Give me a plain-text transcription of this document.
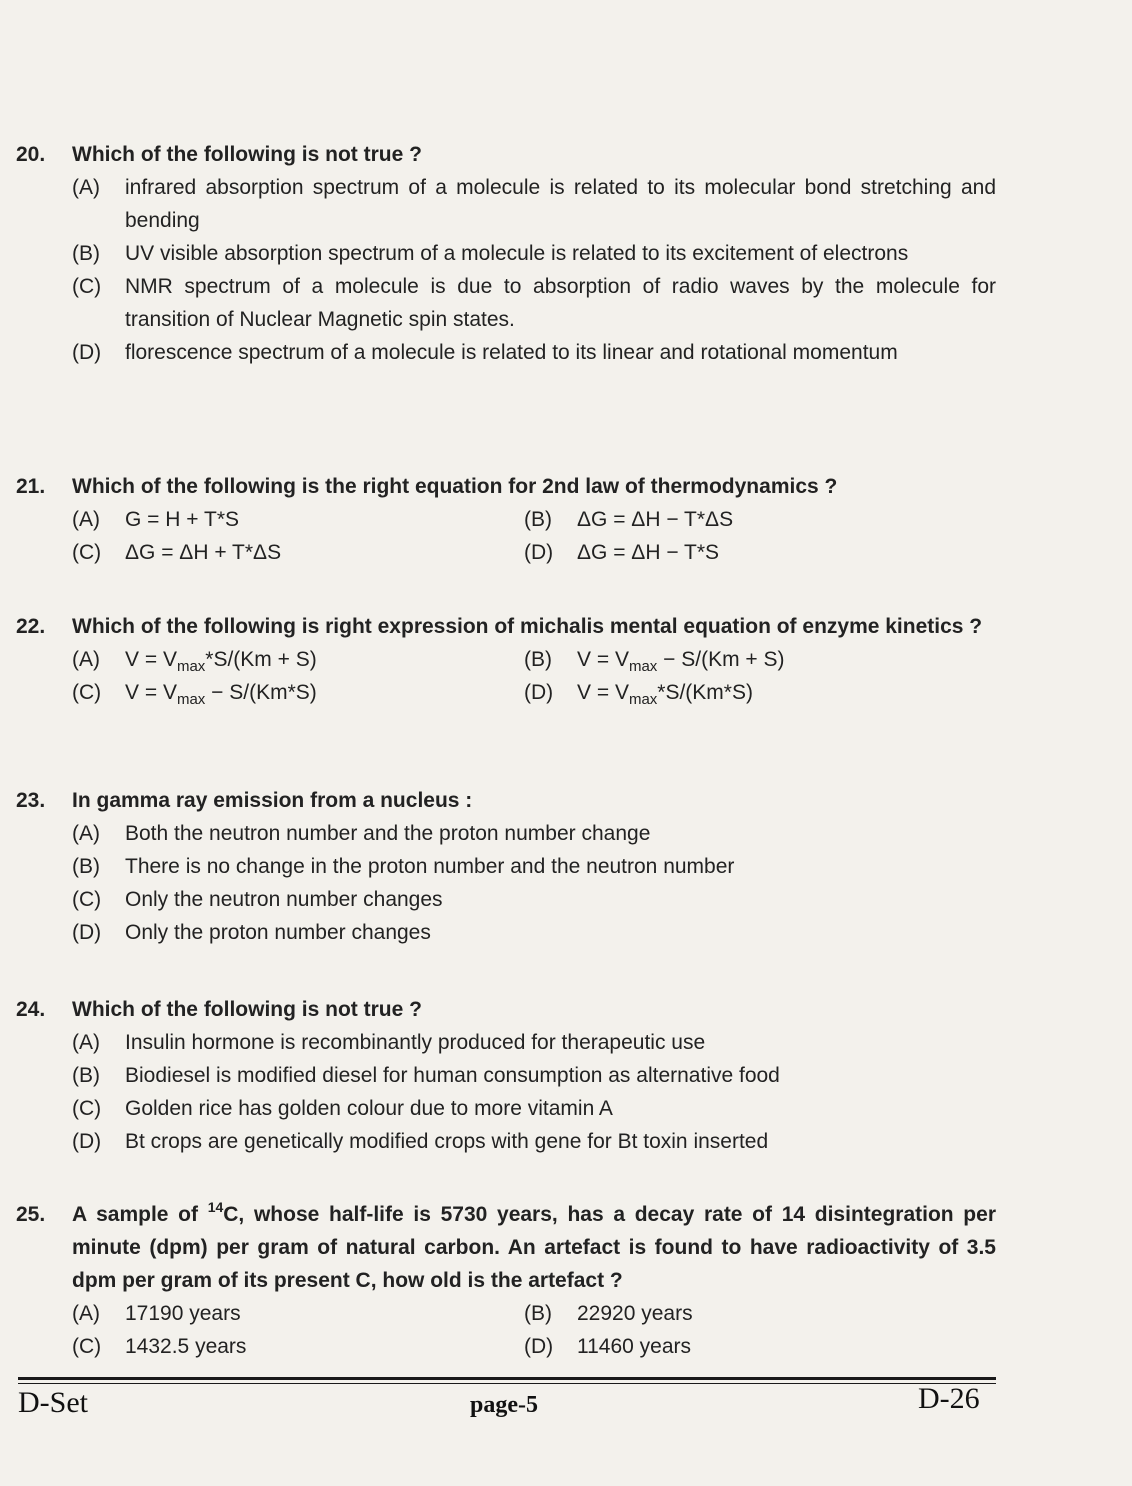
20.	Which of the following is not true ?
(A)	infrared absorption spectrum of a molecule is related to its molecular bond stretching and bending
(B)	UV visible absorption spectrum of a molecule is related to its excitement of electrons
(C)	NMR spectrum of a molecule is due to absorption of radio waves by the molecule for transition of Nuclear Magnetic spin states.
(D)	florescence spectrum of a molecule is related to its linear and rotational momentum
21.	Which of the following is the right equation for 2nd law of thermodynamics ?
(A)	G = H + T*S	(B)	ΔG = ΔH − T*ΔS
(C)	ΔG = ΔH + T*ΔS	(D)	ΔG = ΔH − T*S
22.	Which of the following is right expression of michalis mental equation of enzyme kinetics ?
(A)	$V = V_{max}*S/(Km + S)$	(B)	$V = V_{max} - S/(Km + S)$
(C)	$V = V_{max} - S/(Km*S)$	(D)	$V = V_{max}*S/(Km*S)$
23.	In gamma ray emission from a nucleus :
(A)	Both the neutron number and the proton number change
(B)	There is no change in the proton number and the neutron number
(C)	Only the neutron number changes
(D)	Only the proton number changes
24.	Which of the following is not true ?
(A)	Insulin hormone is recombinantly produced for therapeutic use
(B)	Biodiesel is modified diesel for human consumption as alternative food
(C)	Golden rice has golden colour due to more vitamin A
(D)	Bt crops are genetically modified crops with gene for Bt toxin inserted
25.	A sample of $^{14}$C, whose half-life is 5730 years, has a decay rate of 14 disintegration per minute (dpm) per gram of natural carbon. An artefact is found to have radioactivity of 3.5 dpm per gram of its present C, how old is the artefact ?
(A)	17190 years	(B)	22920 years
(C)	1432.5 years	(D)	11460 years
D-Set	page-5	D-26
